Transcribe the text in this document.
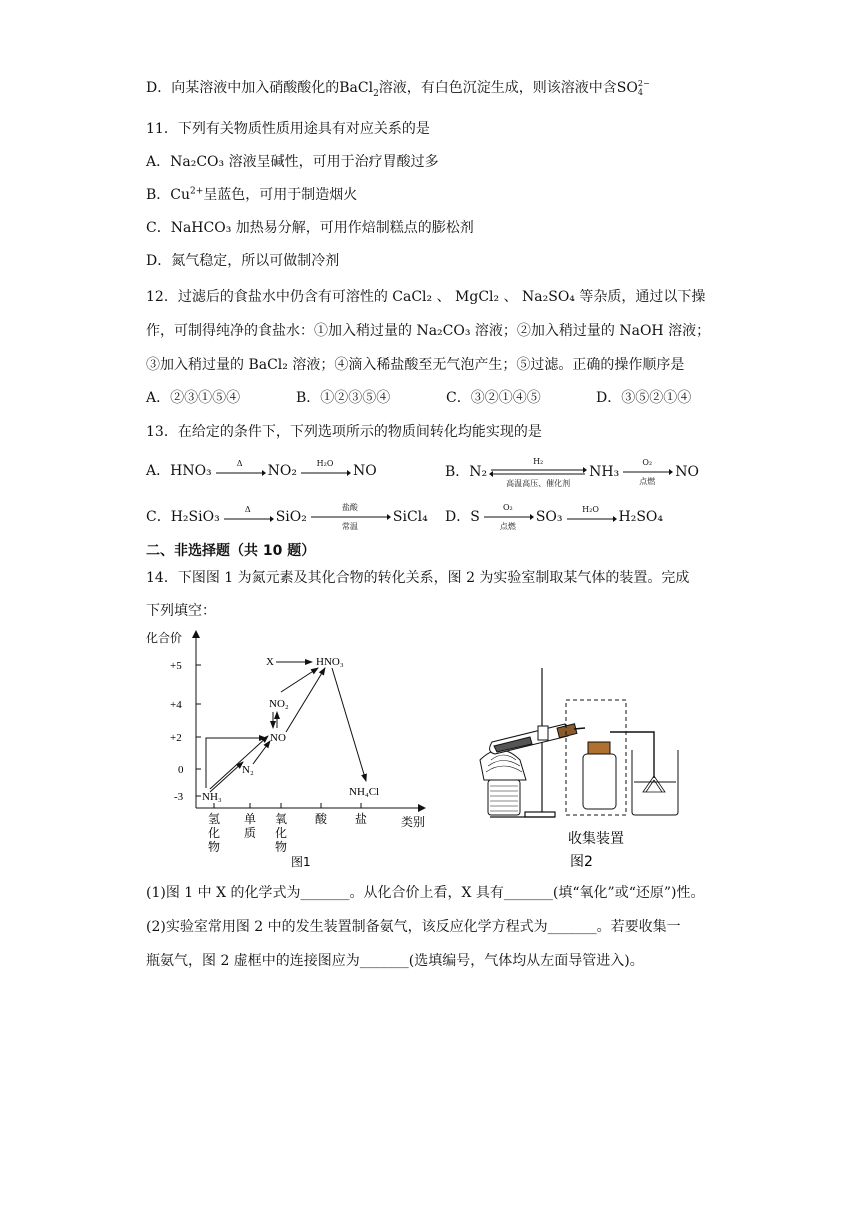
D．向某溶液中加入硝酸酸化的BaCl$_2$溶液，有白色沉淀生成，则该溶液中含SO 2−
4
11．下列有关物质性质用途具有对应关系的是
A．Na₂CO₃ 溶液呈碱性，可用于治疗胃酸过多
B．$Cu^{2+}$呈蓝色，可用于制造烟火
C．NaHCO₃ 加热易分解，可用作焙制糕点的膨松剂
D．氮气稳定，所以可做制冷剂
12．过滤后的食盐水中仍含有可溶性的 CaCl₂ 、 MgCl₂ 、 Na₂SO₄ 等杂质，通过以下操
作，可制得纯净的食盐水：①加入稍过量的 Na₂CO₃ 溶液；②加入稍过量的 NaOH 溶液；
③加入稍过量的 BaCl₂ 溶液；④滴入稀盐酸至无气泡产生；⑤过滤。正确的操作顺序是
A．②③①⑤④	B．①②③⑤④	C．③②①④⑤	D．③⑤②①④
13．在给定的条件下，下列选项所示的物质间转化均能实现的是
A．HNO₃	Δ	NO₂	H₂O	NO	B．N₂
H₂
高温高压、催化剂
NH₃
O₂
点燃
NO
C．H₂SiO₃	Δ	SiO₂
盐酸
常温
SiCl₄ D．S
O₂
点燃
SO₃	H₂O	H₂SO₄
二、非选择题（共 10 题）
14．下图图 1 为氮元素及其化合物的转化关系，图 2 为实验室制取某气体的装置。完成
下列填空：
化合价
+5
+4
+2
0
-3
氢化物
单质
氧化物
酸 盐	类别
图1
X	HNO₃
NO₂
NO
N₂
NH₃	NH₄Cl
收集装置
图2
(1)图 1 中 X 的化学式为_______。从化合价上看，X 具有_______(填“氧化”或“还原”)性。
(2)实验室常用图 2 中的发生装置制备氨气，该反应化学方程式为_______。若要收集一
瓶氨气，图 2 虚框中的连接图应为_______(选填编号，气体均从左面导管进入)。
